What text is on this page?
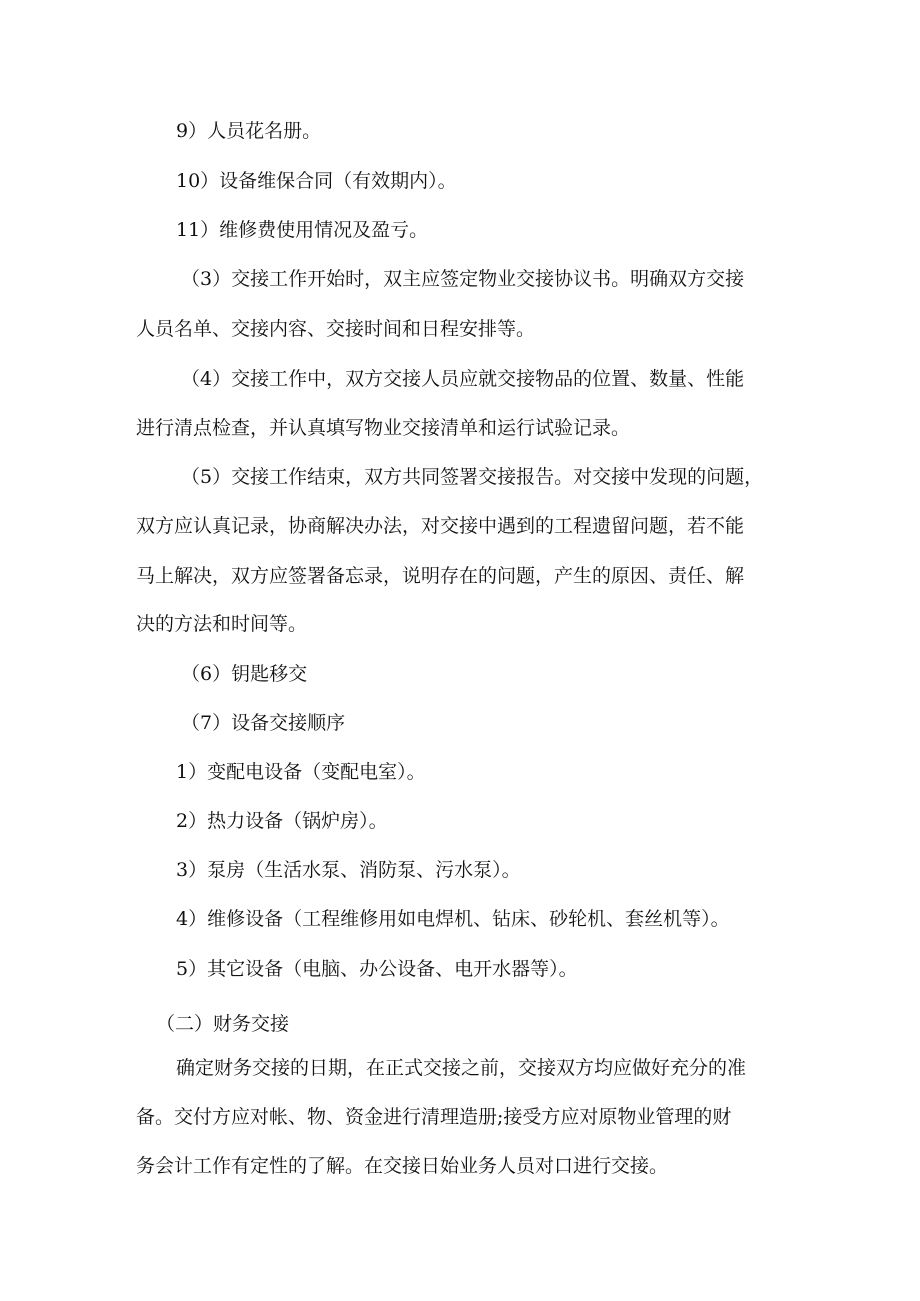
9）人员花名册。
10）设备维保合同（有效期内）。
11）维修费使用情况及盈亏。
（3）交接工作开始时，双主应签定物业交接协议书。明确双方交接
人员名单、交接内容、交接时间和日程安排等。
（4）交接工作中，双方交接人员应就交接物品的位置、数量、性能
进行清点检查，并认真填写物业交接清单和运行试验记录。
（5）交接工作结束，双方共同签署交接报告。对交接中发现的问题，
双方应认真记录，协商解决办法，对交接中遇到的工程遗留问题，若不能
马上解决，双方应签署备忘录，说明存在的问题，产生的原因、责任、解
决的方法和时间等。
（6）钥匙移交
（7）设备交接顺序
1）变配电设备（变配电室）。
2）热力设备（锅炉房）。
3）泵房（生活水泵、消防泵、污水泵）。
4）维修设备（工程维修用如电焊机、钻床、砂轮机、套丝机等）。
5）其它设备（电脑、办公设备、电开水器等）。
（二）财务交接
确定财务交接的日期，在正式交接之前，交接双方均应做好充分的准
备。交付方应对帐、物、资金进行清理造册;接受方应对原物业管理的财
务会计工作有定性的了解。在交接日始业务人员对口进行交接。
